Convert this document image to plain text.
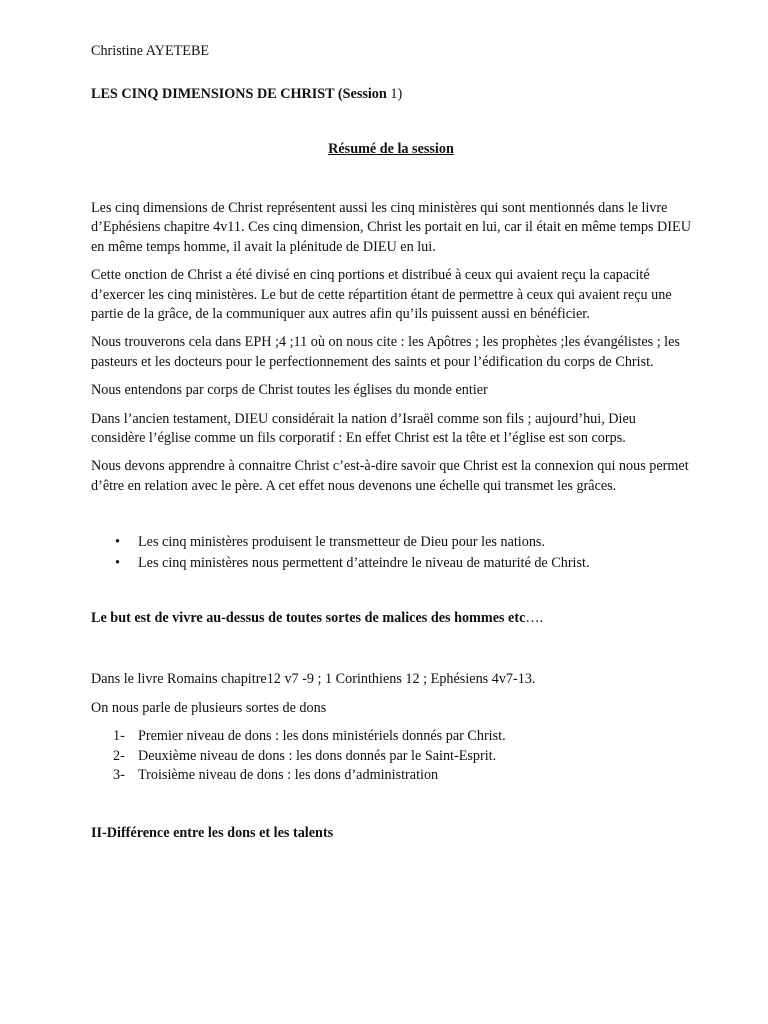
Christine AYETEBE

LES CINQ DIMENSIONS DE CHRIST (Session 1)

Résumé de la session

Les cinq dimensions de Christ représentent aussi les cinq ministères qui sont mentionnés dans le livre d’Ephésiens chapitre 4v11. Ces cinq dimension, Christ les portait en lui, car il était en même temps DIEU en même temps homme, il avait la plénitude de DIEU en lui.

Cette onction de Christ a été divisé en cinq portions et distribué à ceux qui avaient reçu la capacité d’exercer les cinq ministères. Le but de cette répartition étant de permettre à ceux qui avaient reçu une partie de la grâce, de la communiquer aux autres afin qu’ils puissent aussi en bénéficier.

Nous trouverons cela dans EPH ;4 ;11 où on nous cite : les Apôtres ; les prophètes ;les évangélistes ; les pasteurs et les docteurs pour le perfectionnement des saints et pour l’édification du corps de Christ.

Nous entendons par corps de Christ toutes les églises du monde entier

Dans l’ancien testament, DIEU considérait la nation d’Israël comme son fils ; aujourd’hui, Dieu considère l’église comme un fils corporatif : En effet Christ est la tête et l’église est son corps.

Nous devons apprendre à connaitre Christ c’est-à-dire savoir que Christ est la connexion qui nous permet d’être en relation avec le père. A cet effet nous devenons une échelle qui transmet les grâces.

• Les cinq ministères produisent le transmetteur de Dieu pour les nations.
• Les cinq ministères nous permettent d’atteindre le niveau de maturité de Christ.

Le but est de vivre au-dessus de toutes sortes de malices des hommes etc….

Dans le livre Romains chapitre12 v7 -9 ; 1 Corinthiens 12 ; Ephésiens 4v7-13.

On nous parle de plusieurs sortes de dons

1- Premier niveau de dons : les dons ministériels donnés par Christ.
2- Deuxième niveau de dons : les dons donnés par le Saint-Esprit.
3- Troisième niveau de dons : les dons d’administration

II-Différence entre les dons et les talents
